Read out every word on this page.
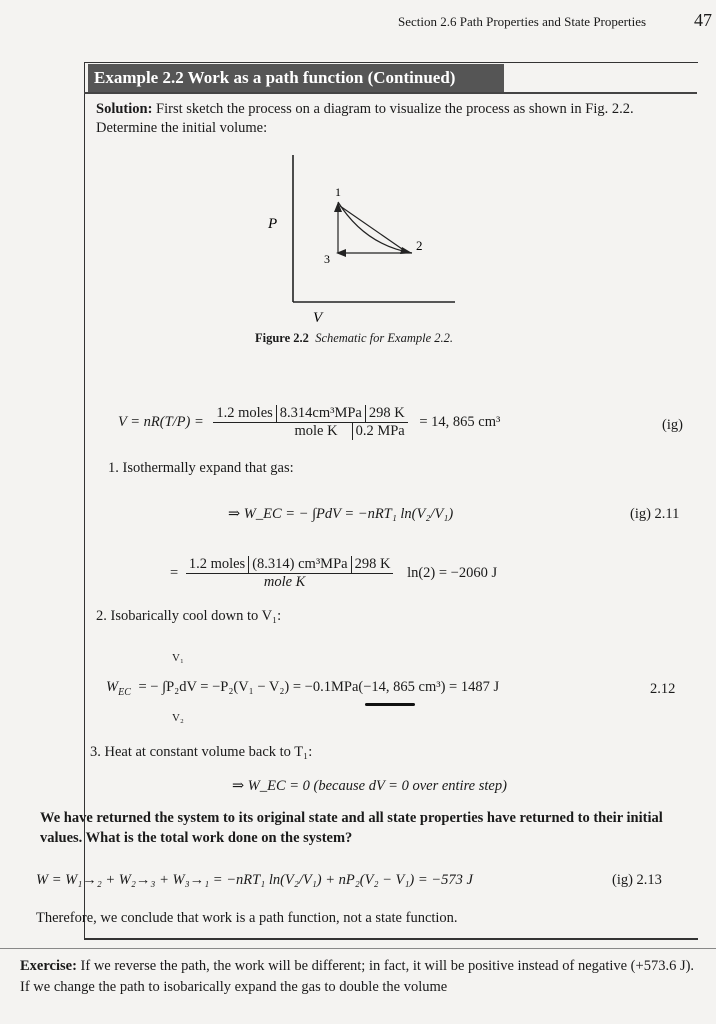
Section 2.6 Path Properties and State Properties	47
Example 2.2 Work as a path function (Continued)
Solution: First sketch the process on a diagram to visualize the process as shown in Fig. 2.2. Determine the initial volume:
P
1
2
3
V
Figure 2.2 Schematic for Example 2.2.
V = nR(T/P) = 1.2 moles 8.314cm³MPa 298 K
mole K	0.2 MPa = 14, 865 cm³	(ig)
1. Isothermally expand that gas:
⇒ W_EC = − ∫PdV = −nRT₁ ln(V₂/V₁)	(ig) 2.11
= $\frac{\text{1.2 moles (8.314) cm³MPa 298 K}}{\text{mole K}} \ln(2) = -2060$ J
2. Isobarically cool down to V₁:
V₁
$W_{EC}$ = − ∫P₂dV = −P₂(V₁ − V₂) = −0.1MPa(−14, 865 cm³) = 1487 J
V₂
2.12
3. Heat at constant volume back to T₁:
⇒ W_EC = 0 (because dV = 0 over entire step)
We have returned the system to its original state and all state properties have returned to their initial values. What is the total work done on the system?
W = W₁→₂ + W₂→₃ + W₃→₁ = −nRT₁ ln(V₂/V₁) + nP₂(V₂ − V₁) = −573 J	(ig) 2.13
Therefore, we conclude that work is a path function, not a state function.
Exercise: If we reverse the path, the work will be different; in fact, it will be positive instead of negative (+573.6 J). If we change the path to isobarically expand the gas to double the volume
